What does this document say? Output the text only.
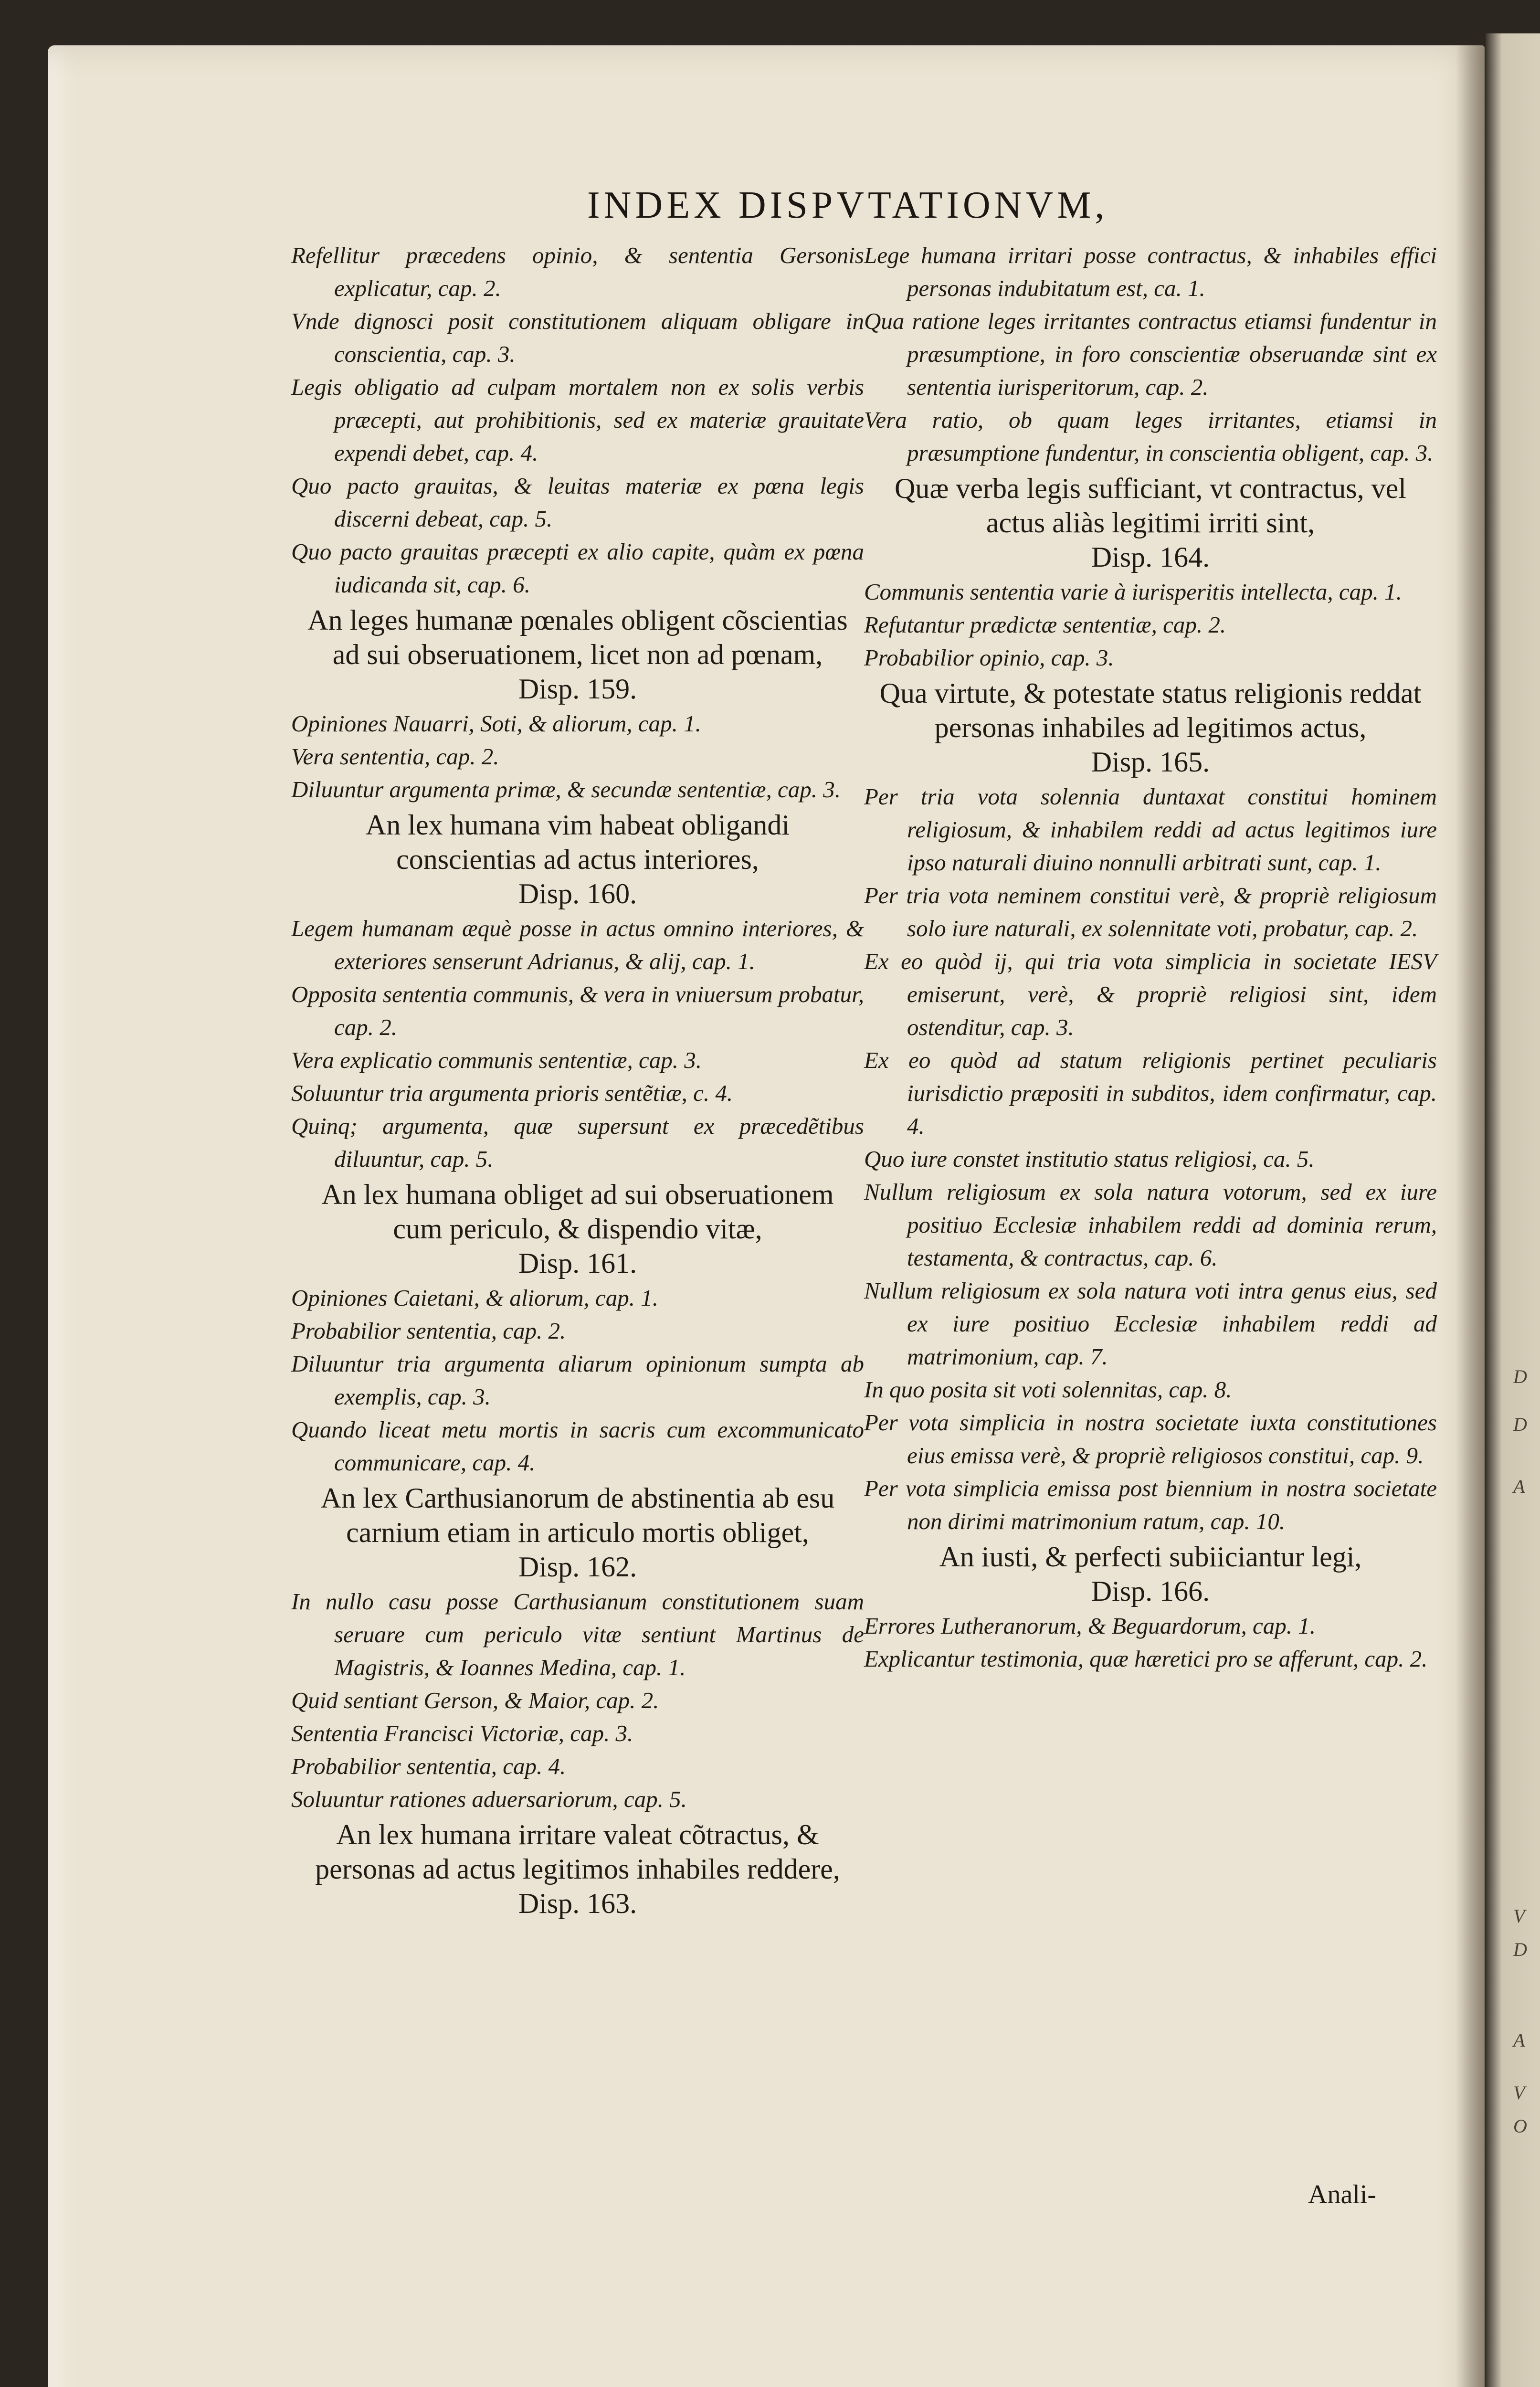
D
D
A
V
D
A
V
O
INDEX DISPVTATIONVM,

Refellitur præcedens opinio, & sententia Gersonis explicatur, cap. 2.

Vnde dignosci posit constitutionem aliquam obligare in conscientia, cap. 3.

Legis obligatio ad culpam mortalem non ex solis verbis præcepti, aut prohibitionis, sed ex materiæ grauitate expendi debet, cap. 4.

Quo pacto grauitas, & leuitas materiæ ex pœna legis discerni debeat, cap. 5.

Quo pacto grauitas præcepti ex alio capite, quàm ex pœna iudicanda sit, cap. 6.

An leges humanæ pœnales obligent cõscientias ad sui obseruationem, licet non ad pœnam,
Disp. 159.

Opiniones Nauarri, Soti, & aliorum, cap. 1.

Vera sententia, cap. 2.

Diluuntur argumenta primæ, & secundæ sententiæ, cap. 3.

An lex humana vim habeat obligandi conscientias ad actus interiores,
Disp. 160.

Legem humanam æquè posse in actus omnino interiores, & exteriores senserunt Adrianus, & alij, cap. 1.

Opposita sententia communis, & vera in vniuersum probatur, cap. 2.

Vera explicatio communis sententiæ, cap. 3.

Soluuntur tria argumenta prioris sentẽtiæ, c. 4.

Quinq; argumenta, quæ supersunt ex præcedẽtibus diluuntur, cap. 5.

An lex humana obliget ad sui obseruationem cum periculo, & dispendio vitæ,
Disp. 161.

Opiniones Caietani, & aliorum, cap. 1.

Probabilior sententia, cap. 2.

Diluuntur tria argumenta aliarum opinionum sumpta ab exemplis, cap. 3.

Quando liceat metu mortis in sacris cum excommunicato communicare, cap. 4.

An lex Carthusianorum de abstinentia ab esu carnium etiam in articulo mortis obliget,
Disp. 162.

In nullo casu posse Carthusianum constitutionem suam seruare cum periculo vitæ sentiunt Martinus de Magistris, & Ioannes Medina, cap. 1.

Quid sentiant Gerson, & Maior, cap. 2.

Sententia Francisci Victoriæ, cap. 3.

Probabilior sententia, cap. 4.

Soluuntur rationes aduersariorum, cap. 5.

An lex humana irritare valeat cõtractus, & personas ad actus legitimos inhabiles reddere,
Disp. 163.

Lege humana irritari posse contractus, & inhabiles effici personas indubitatum est, ca. 1.

Qua ratione leges irritantes contractus etiamsi fundentur in præsumptione, in foro conscientiæ obseruandæ sint ex sententia iurisperitorum, cap. 2.

Vera ratio, ob quam leges irritantes, etiamsi in præsumptione fundentur, in conscientia obligent, cap. 3.

Quæ verba legis sufficiant, vt contractus, vel actus aliàs legitimi irriti sint,
Disp. 164.

Communis sententia varie à iurisperitis intellecta, cap. 1.

Refutantur prædictæ sententiæ, cap. 2.

Probabilior opinio, cap. 3.

Qua virtute, & potestate status religionis reddat personas inhabiles ad legitimos actus,
Disp. 165.

Per tria vota solennia duntaxat constitui hominem religiosum, & inhabilem reddi ad actus legitimos iure ipso naturali diuino nonnulli arbitrati sunt, cap. 1.

Per tria vota neminem constitui verè, & propriè religiosum solo iure naturali, ex solennitate voti, probatur, cap. 2.

Ex eo quòd ij, qui tria vota simplicia in societate IESV emiserunt, verè, & propriè religiosi sint, idem ostenditur, cap. 3.

Ex eo quòd ad statum religionis pertinet peculiaris iurisdictio præpositi in subditos, idem confirmatur, cap. 4.

Quo iure constet institutio status religiosi, ca. 5.

Nullum religiosum ex sola natura votorum, sed ex iure positiuo Ecclesiæ inhabilem reddi ad dominia rerum, testamenta, & contractus, cap. 6.

Nullum religiosum ex sola natura voti intra genus eius, sed ex iure positiuo Ecclesiæ inhabilem reddi ad matrimonium, cap. 7.

In quo posita sit voti solennitas, cap. 8.

Per vota simplicia in nostra societate iuxta constitutiones eius emissa verè, & propriè religiosos constitui, cap. 9.

Per vota simplicia emissa post biennium in nostra societate non dirimi matrimonium ratum, cap. 10.

An iusti, & perfecti subiiciantur legi,
Disp. 166.

Errores Lutheranorum, & Beguardorum, cap. 1.

Explicantur testimonia, quæ hæretici pro se afferunt, cap. 2.

Anali-
